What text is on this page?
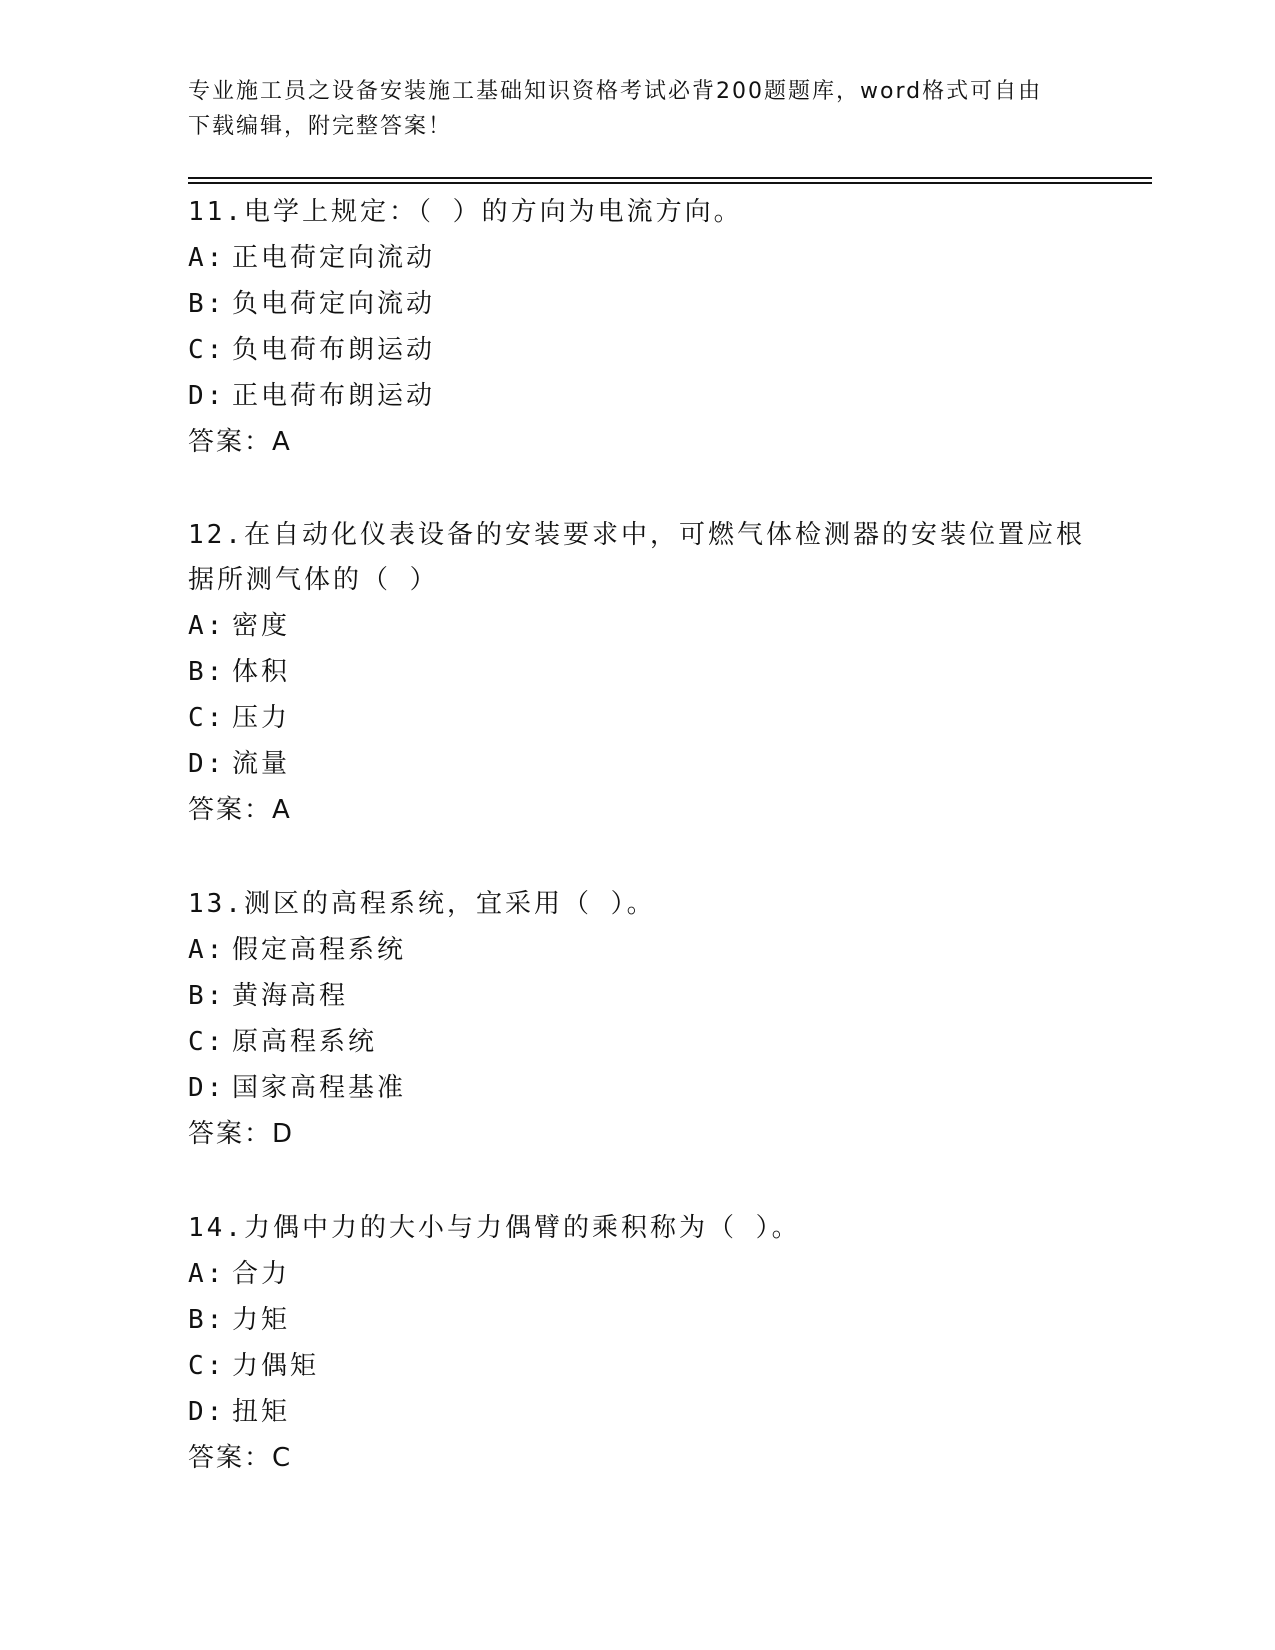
专业施工员之设备安装施工基础知识资格考试必背200题题库，word格式可自由
下载编辑，附完整答案！
11.电学上规定：（ ）的方向为电流方向。
A: 正电荷定向流动
B: 负电荷定向流动
C: 负电荷布朗运动
D: 正电荷布朗运动
答案：A
12.在自动化仪表设备的安装要求中，可燃气体检测器的安装位置应根据所测气体的（ ）
A: 密度
B: 体积
C: 压力
D: 流量
答案：A
13.测区的高程系统，宜采用（ ）。
A: 假定高程系统
B: 黄海高程
C: 原高程系统
D: 国家高程基准
答案：D
14.力偶中力的大小与力偶臂的乘积称为（ ）。
A: 合力
B: 力矩
C: 力偶矩
D: 扭矩
答案：C
